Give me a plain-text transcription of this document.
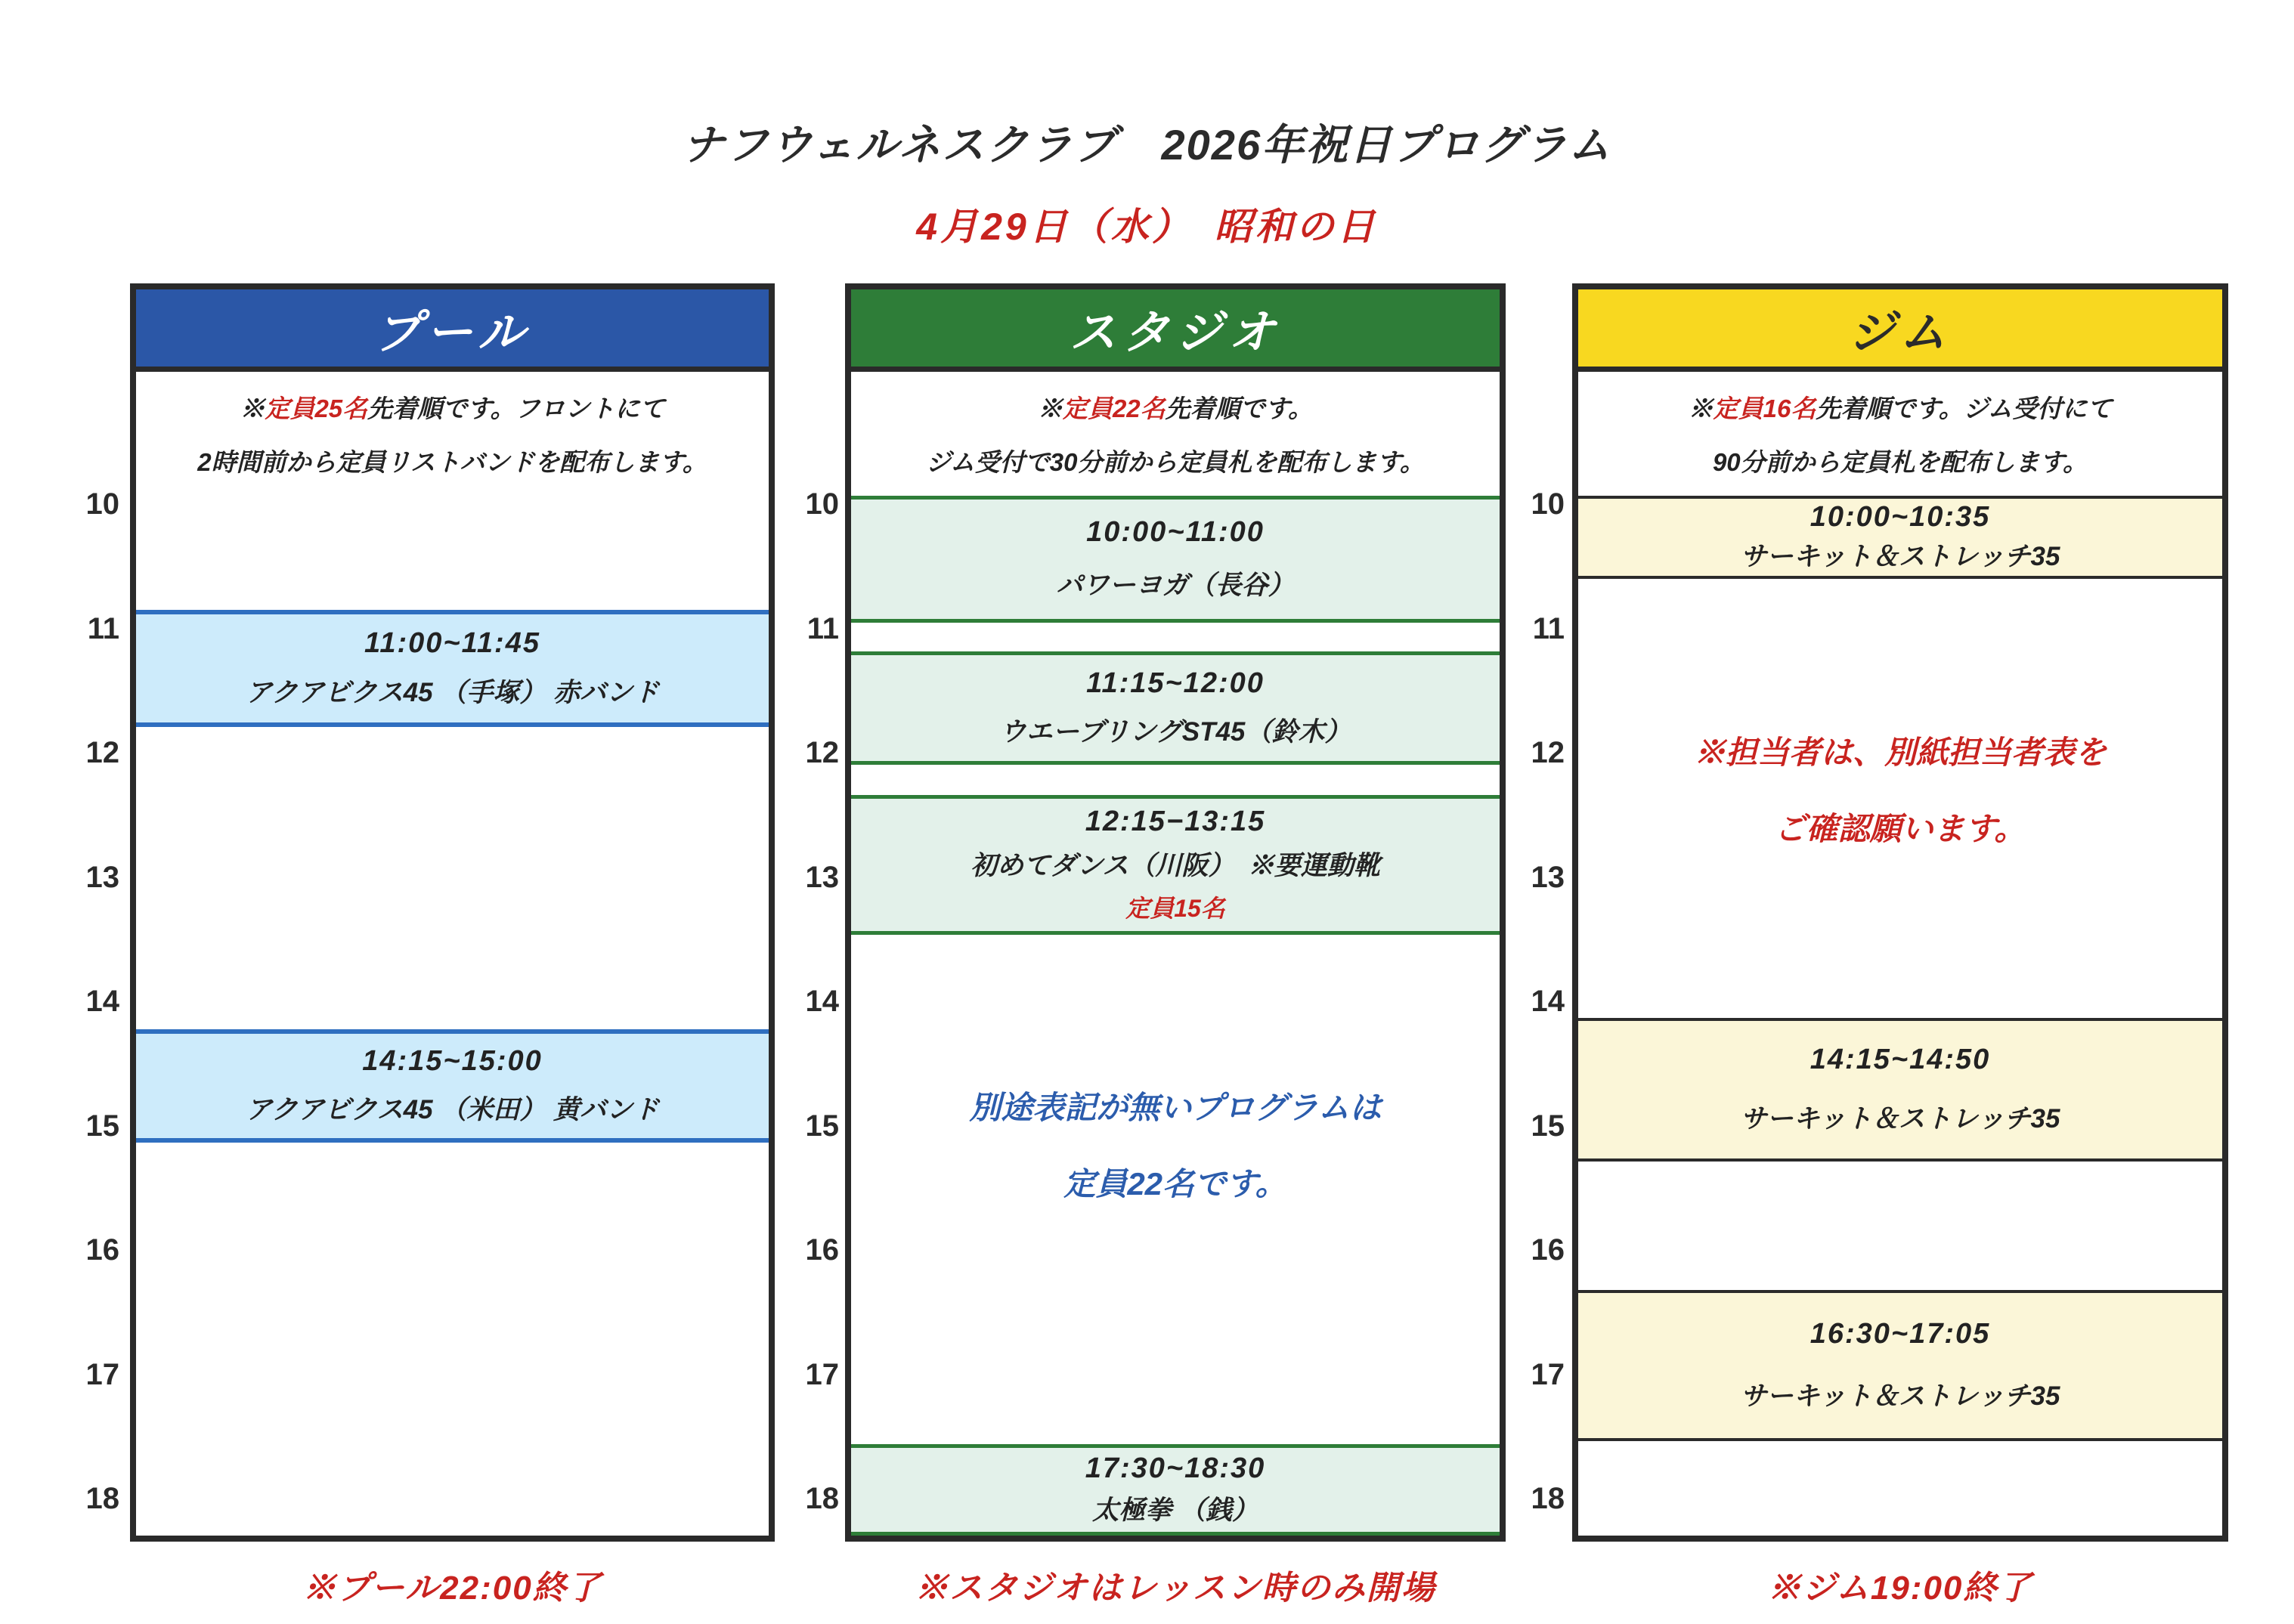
ナフウェルネスクラブ　2026年祝日プログラム
4月29日（水）　昭和の日
プール
※定員25名先着順です。フロントにて
2時間前から定員リストバンドを配布します。
11:00~11:45
アクアビクス45 （手塚） 赤バンド
14:15~15:00
アクアビクス45 （米田） 黄バンド
10
11
12
13
14
15
16
17
18
※プール22:00終了
スタジオ
※定員22名先着順です。
ジム受付で30分前から定員札を配布します。
10:00~11:00
パワーヨガ（長谷）
11:15~12:00
ウエーブリングST45（鈴木）
12:15−13:15
初めてダンス（川阪）　※要運動靴
定員15名
17:30~18:30
太極拳 （銭）
別途表記が無いプログラムは
定員22名です。
10
11
12
13
14
15
16
17
18
※スタジオはレッスン時のみ開場
ジム
※定員16名先着順です。ジム受付にて
90分前から定員札を配布します。
10:00~10:35
サーキット＆ストレッチ35
14:15~14:50
サーキット＆ストレッチ35
16:30~17:05
サーキット＆ストレッチ35
※担当者は、別紙担当者表を
ご確認願います。
10
11
12
13
14
15
16
17
18
※ジム19:00終了
